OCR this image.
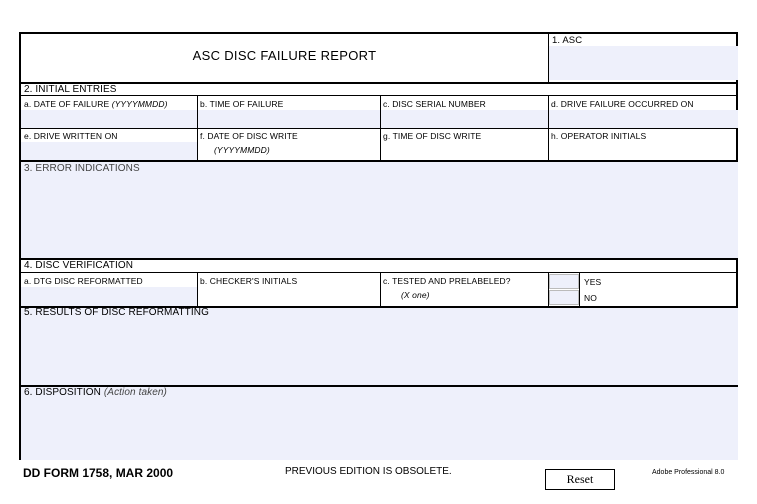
ASC DISC FAILURE REPORT
1. ASC
2. INITIAL ENTRIES
a. DATE OF FAILURE (YYYYMMDD)	b. TIME OF FAILURE	c. DISC SERIAL NUMBER	d. DRIVE FAILURE OCCURRED ON
e. DRIVE WRITTEN ON	f. DATE OF DISC WRITE
(YYYYMMDD)
g. TIME OF DISC WRITE	h. OPERATOR INITIALS
3. ERROR INDICATIONS
4. DISC VERIFICATION
a. DTG DISC REFORMATTED	b. CHECKER'S INITIALS	c. TESTED AND PRELABELED?
(X one)
YES
NO
5. RESULTS OF DISC REFORMATTING
6. DISPOSITION (Action taken)
DD FORM 1758, MAR 2000	PREVIOUS EDITION IS OBSOLETE.
Reset	Adobe Professional 8.0
